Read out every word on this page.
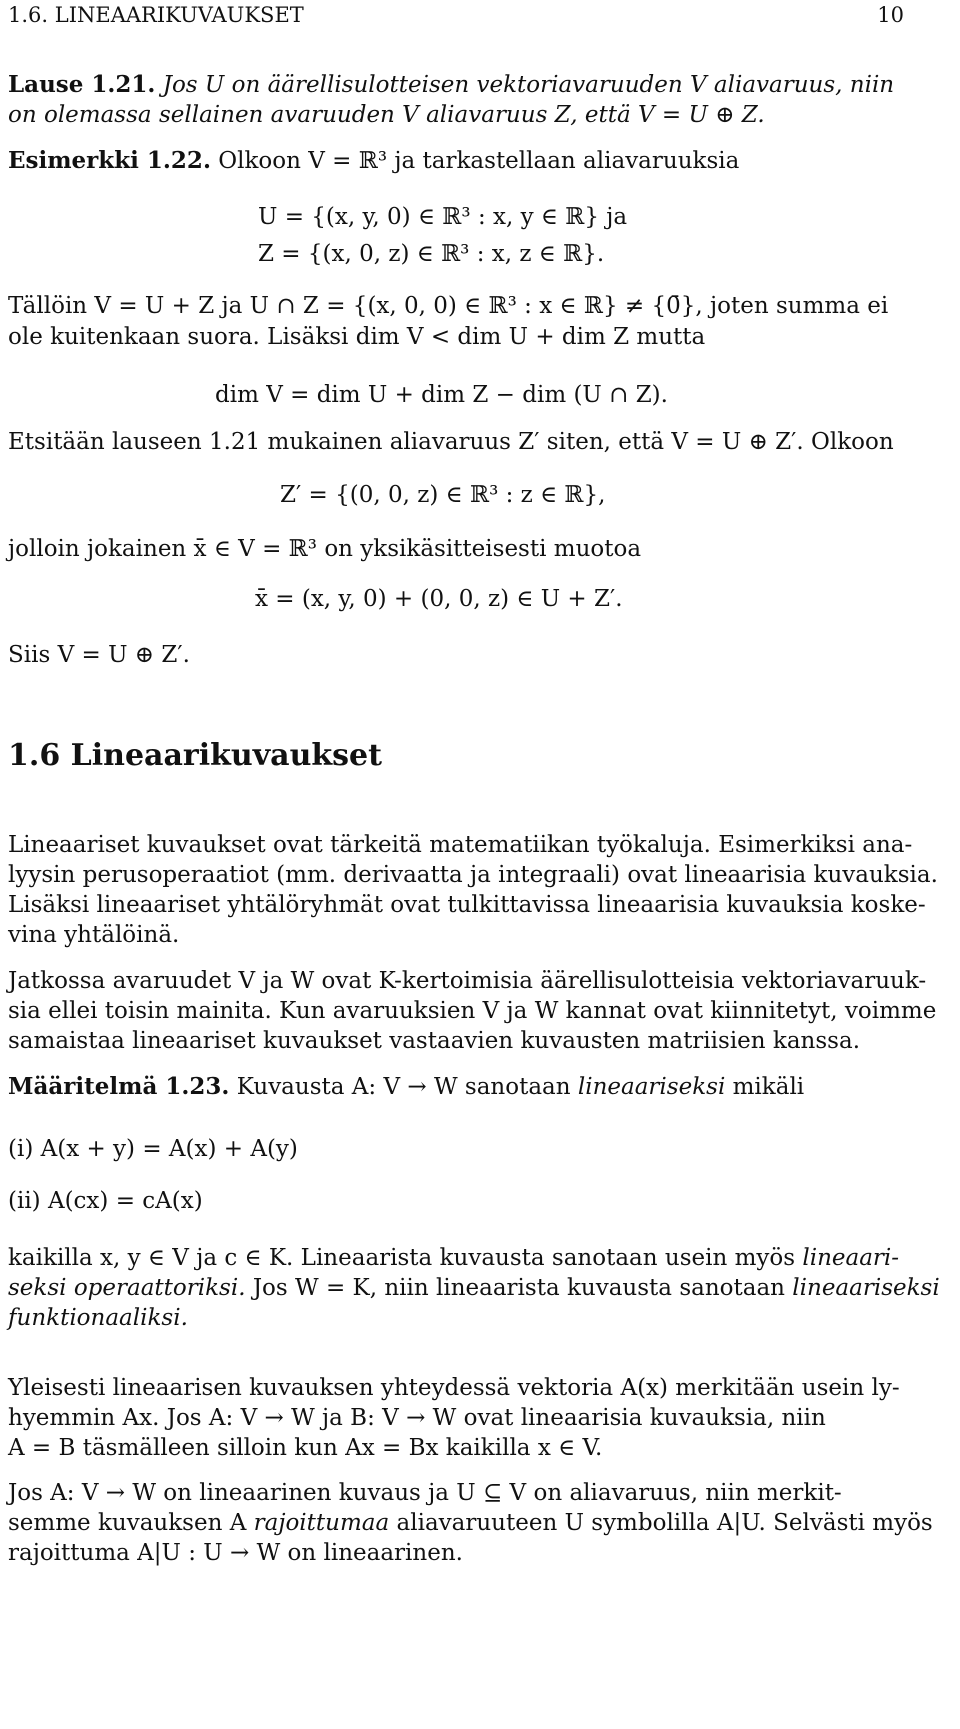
1.6. LINEAARIKUVAUKSET	10
Lause 1.21. Jos U on äärellisulotteisen vektoriavaruuden V aliavaruus, niin
on olemassa sellainen avaruuden V aliavaruus Z, että V = U ⊕ Z.
Esimerkki 1.22. Olkoon V = ℝ³ ja tarkastellaan aliavaruuksia
U = {(x, y, 0) ∈ ℝ³ : x, y ∈ ℝ} ja
Z = {(x, 0, z) ∈ ℝ³ : x, z ∈ ℝ}.
Tällöin V = U + Z ja U ∩ Z = {(x, 0, 0) ∈ ℝ³ : x ∈ ℝ} ≠ {0̄}, joten summa ei
ole kuitenkaan suora. Lisäksi dim V < dim U + dim Z mutta
dim V = dim U + dim Z − dim (U ∩ Z).
Etsitään lauseen 1.21 mukainen aliavaruus Z′ siten, että V = U ⊕ Z′. Olkoon
Z′ = {(0, 0, z) ∈ ℝ³ : z ∈ ℝ},
jolloin jokainen x̄ ∈ V = ℝ³ on yksikäsitteisesti muotoa
x̄ = (x, y, 0) + (0, 0, z) ∈ U + Z′.
Siis V = U ⊕ Z′.
1.6 Lineaarikuvaukset
Lineaariset kuvaukset ovat tärkeitä matematiikan työkaluja. Esimerkiksi ana-
lyysin perusoperaatiot (mm. derivaatta ja integraali) ovat lineaarisia kuvauksia.
Lisäksi lineaariset yhtälöryhmät ovat tulkittavissa lineaarisia kuvauksia koske-
vina yhtälöinä.
Jatkossa avaruudet V ja W ovat K-kertoimisia äärellisulotteisia vektoriavaruuk-
sia ellei toisin mainita. Kun avaruuksien V ja W kannat ovat kiinnitetyt, voimme
samaistaa lineaariset kuvaukset vastaavien kuvausten matriisien kanssa.
Määritelmä 1.23. Kuvausta A: V → W sanotaan lineaariseksi mikäli
(i) A(x + y) = A(x) + A(y)
(ii) A(cx) = cA(x)
kaikilla x, y ∈ V ja c ∈ K. Lineaarista kuvausta sanotaan usein myös lineaari-
seksi operaattoriksi. Jos W = K, niin lineaarista kuvausta sanotaan lineaariseksi
funktionaaliksi.
Yleisesti lineaarisen kuvauksen yhteydessä vektoria A(x) merkitään usein ly-
hyemmin Ax. Jos A: V → W ja B: V → W ovat lineaarisia kuvauksia, niin
A = B täsmälleen silloin kun Ax = Bx kaikilla x ∈ V.
Jos A: V → W on lineaarinen kuvaus ja U ⊆ V on aliavaruus, niin merkit-
semme kuvauksen A rajoittumaa aliavaruuteen U symbolilla A|U. Selvästi myös
rajoittuma A|U : U → W on lineaarinen.
